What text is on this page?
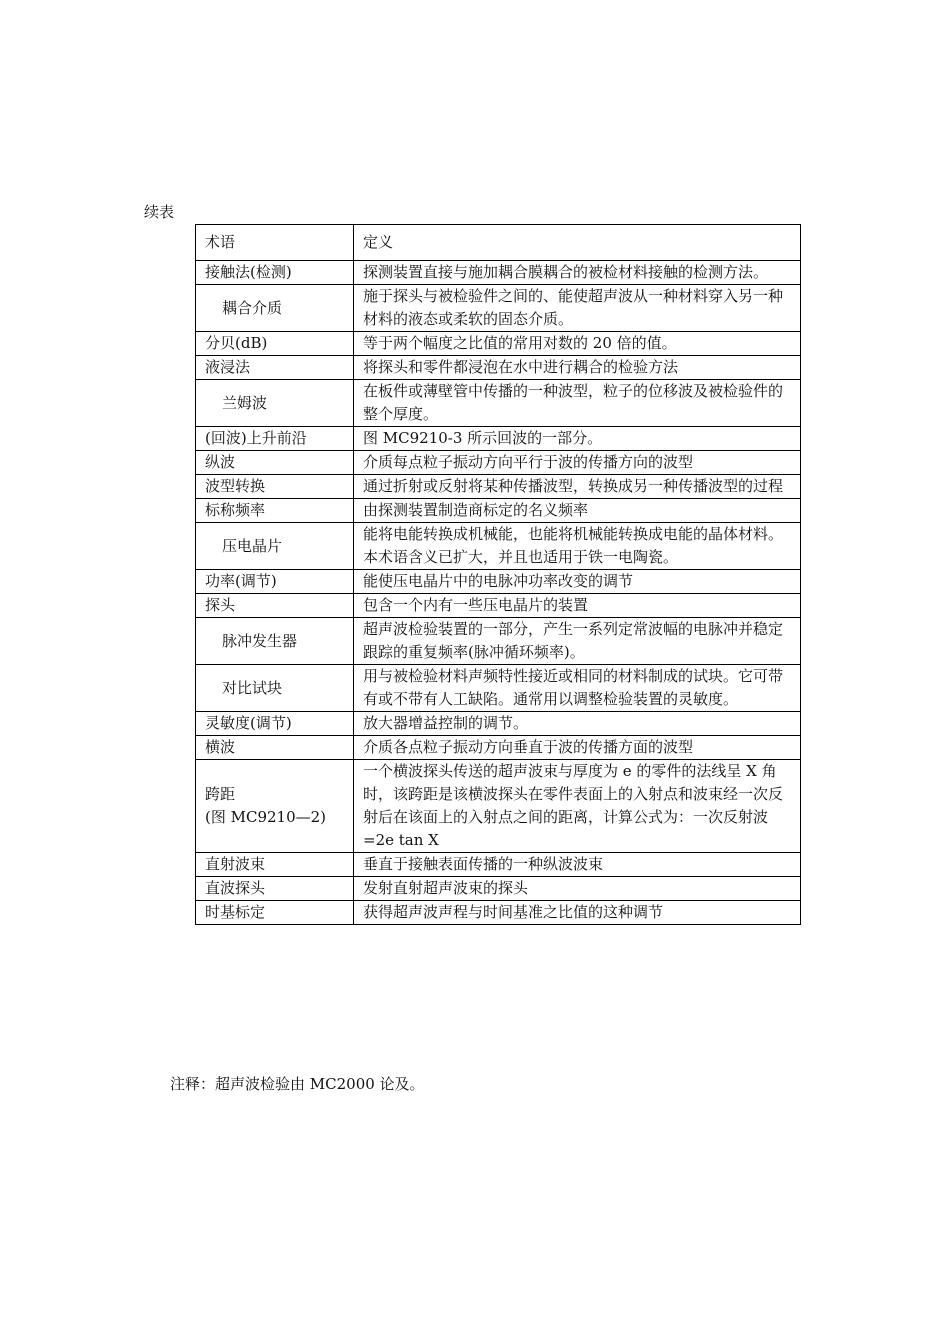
续表
术语	定义

接触法(检测)	探测装置直接与施加耦合膜耦合的被检材料接触的检测方法。

耦合介质	施于探头与被检验件之间的、能使超声波从一种材料穿入另一种材料的液态或柔软的固态介质。

分贝(dB)	等于两个幅度之比值的常用对数的 20 倍的值。

液浸法	将探头和零件都浸泡在水中进行耦合的检验方法

兰姆波	在板件或薄壁管中传播的一种波型，粒子的位移波及被检验件的整个厚度。

(回波)上升前沿	图 MC9210-3 所示回波的一部分。

纵波	介质每点粒子振动方向平行于波的传播方向的波型

波型转换	通过折射或反射将某种传播波型，转换成另一种传播波型的过程

标称频率	由探测装置制造商标定的名义频率

压电晶片	能将电能转换成机械能，也能将机械能转换成电能的晶体材料。本术语含义已扩大，并且也适用于铁一电陶瓷。

功率(调节)	能使压电晶片中的电脉冲功率改变的调节

探头	包含一个内有一些压电晶片的装置

脉冲发生器	超声波检验装置的一部分，产生一系列定常波幅的电脉冲并稳定跟踪的重复频率(脉冲循环频率)。

对比试块	用与被检验材料声频特性接近或相同的材料制成的试块。它可带有或不带有人工缺陷。通常用以调整检验装置的灵敏度。

灵敏度(调节)	放大器增益控制的调节。

横波	介质各点粒子振动方向垂直于波的传播方面的波型

跨距
(图 MC9210—2)	一个横波探头传送的超声波束与厚度为 e 的零件的法线呈 X 角时，该跨距是该横波探头在零件表面上的入射点和波束经一次反射后在该面上的入射点之间的距离，计算公式为：一次反射波=2e tan X

直射波束	垂直于接触表面传播的一种纵波波束

直波探头	发射直射超声波束的探头

时基标定	获得超声波声程与时间基准之比值的这种调节
注释：超声波检验由 MC2000 论及。
